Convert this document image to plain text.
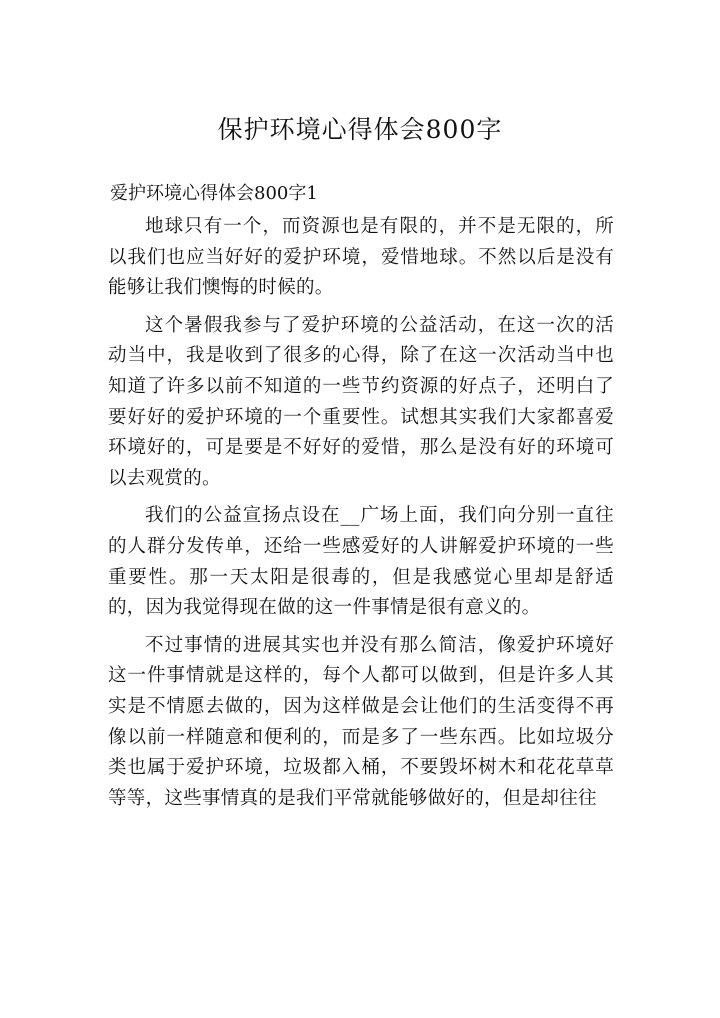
保护环境心得体会800字
爱护环境心得体会800字1

地球只有一个，而资源也是有限的，并不是无限的，所以我们也应当好好的爱护环境，爱惜地球。不然以后是没有能够让我们懊悔的时候的。

这个暑假我参与了爱护环境的公益活动，在这一次的活动当中，我是收到了很多的心得，除了在这一次活动当中也知道了许多以前不知道的一些节约资源的好点子，还明白了要好好的爱护环境的一个重要性。试想其实我们大家都喜爱环境好的，可是要是不好好的爱惜，那么是没有好的环境可以去观赏的。

我们的公益宣扬点设在__广场上面，我们向分别一直往的人群分发传单，还给一些感爱好的人讲解爱护环境的一些重要性。那一天太阳是很毒的，但是我感觉心里却是舒适的，因为我觉得现在做的这一件事情是很有意义的。

不过事情的进展其实也并没有那么简洁，像爱护环境好这一件事情就是这样的，每个人都可以做到，但是许多人其实是不情愿去做的，因为这样做是会让他们的生活变得不再像以前一样随意和便利的，而是多了一些东西。比如垃圾分类也属于爱护环境，垃圾都入桶，不要毁坏树木和花花草草等等，这些事情真的是我们平常就能够做好的，但是却往往
